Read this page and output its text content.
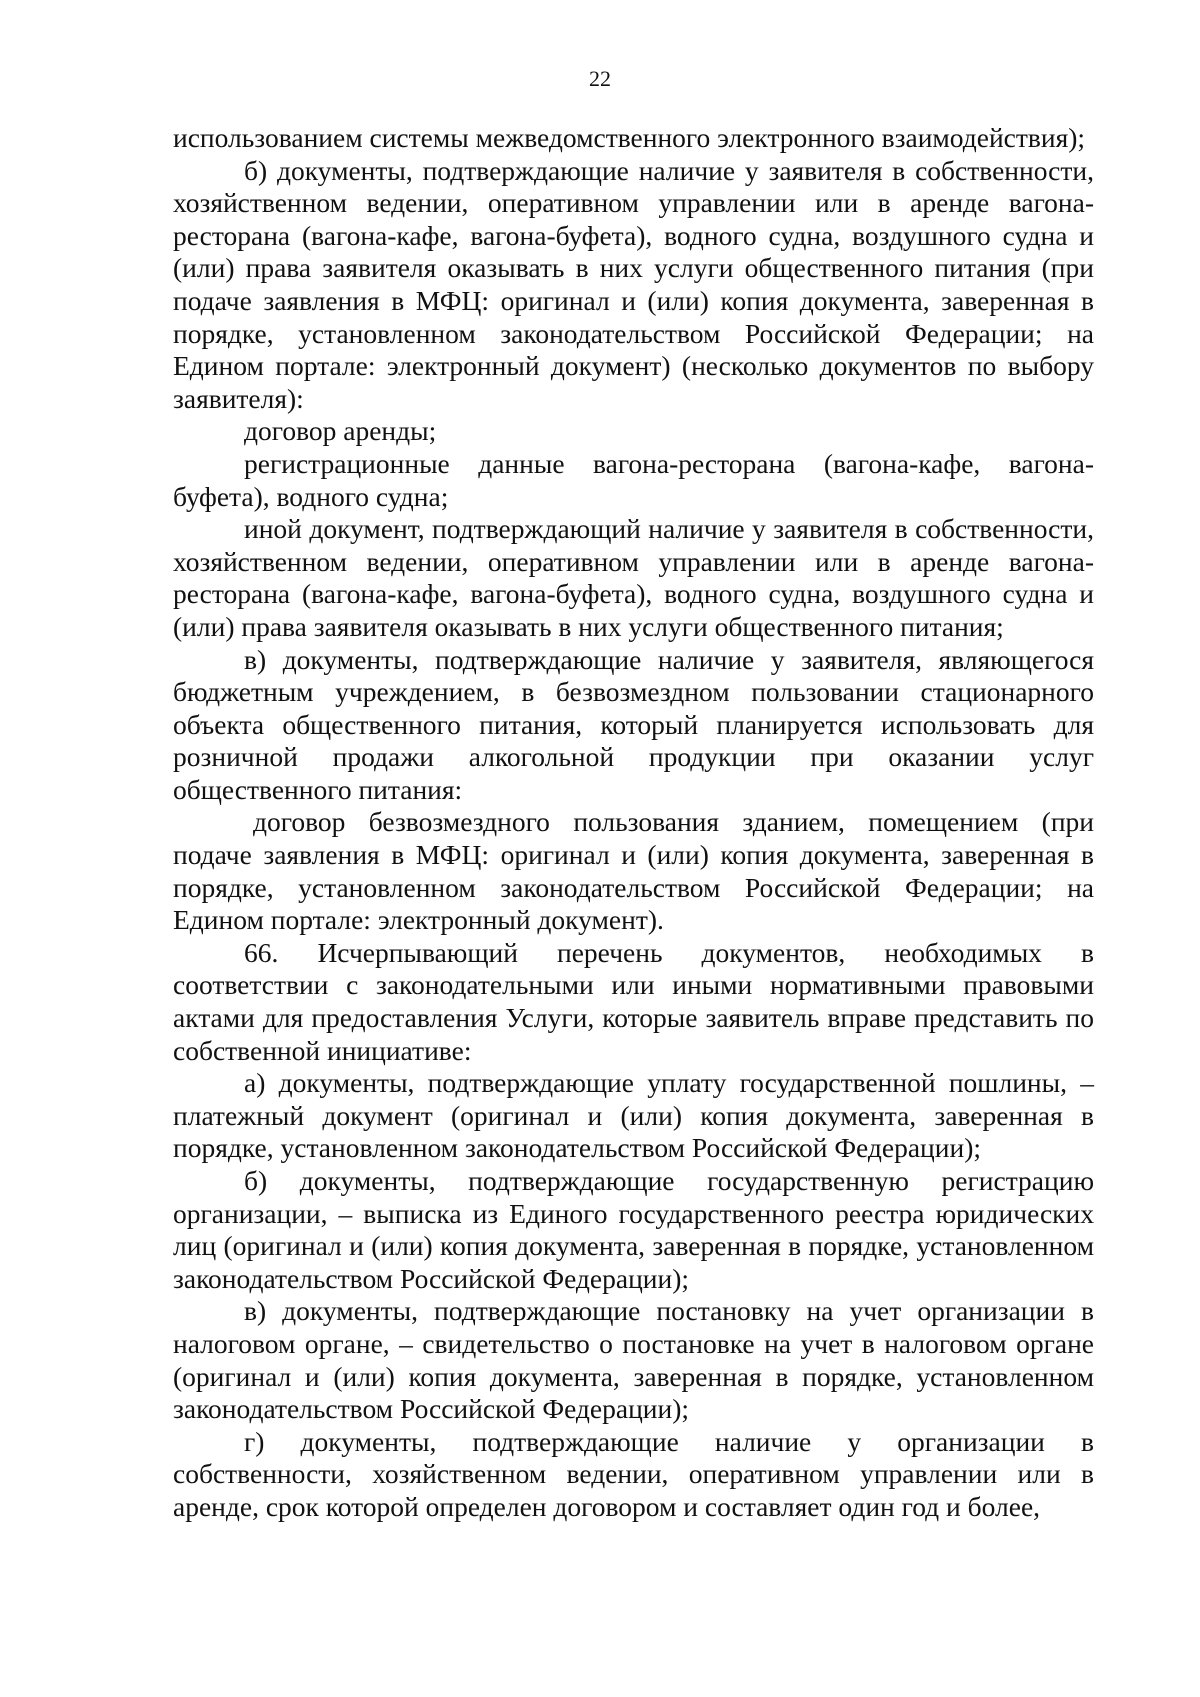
22

использованием системы межведомственного электронного взаимодействия);

б) документы, подтверждающие наличие у заявителя в собственности, хозяйственном ведении, оперативном управлении или в аренде вагона-ресторана (вагона-кафе, вагона-буфета), водного судна, воздушного судна и (или) права заявителя оказывать в них услуги общественного питания (при подаче заявления в МФЦ: оригинал и (или) копия документа, заверенная в порядке, установленном законодательством Российской Федерации; на Едином портале: электронный документ) (несколько документов по выбору заявителя):

договор аренды;

регистрационные данные вагона-ресторана (вагона-кафе, вагона-буфета), водного судна;

иной документ, подтверждающий наличие у заявителя в собственности, хозяйственном ведении, оперативном управлении или в аренде вагона-ресторана (вагона-кафе, вагона-буфета), водного судна, воздушного судна и (или) права заявителя оказывать в них услуги общественного питания;

в) документы, подтверждающие наличие у заявителя, являющегося бюджетным учреждением, в безвозмездном пользовании стационарного объекта общественного питания, который планируется использовать для розничной продажи алкогольной продукции при оказании услуг общественного питания:

договор безвозмездного пользования зданием, помещением (при подаче заявления в МФЦ: оригинал и (или) копия документа, заверенная в порядке, установленном законодательством Российской Федерации; на Едином портале: электронный документ).

66. Исчерпывающий перечень документов, необходимых в соответствии с законодательными или иными нормативными правовыми актами для предоставления Услуги, которые заявитель вправе представить по собственной инициативе:

а) документы, подтверждающие уплату государственной пошлины, – платежный документ (оригинал и (или) копия документа, заверенная в порядке, установленном законодательством Российской Федерации);

б) документы, подтверждающие государственную регистрацию организации, – выписка из Единого государственного реестра юридических лиц (оригинал и (или) копия документа, заверенная в порядке, установленном законодательством Российской Федерации);

в) документы, подтверждающие постановку на учет организации в налоговом органе, – свидетельство о постановке на учет в налоговом органе (оригинал и (или) копия документа, заверенная в порядке, установленном законодательством Российской Федерации);

г) документы, подтверждающие наличие у организации в собственности, хозяйственном ведении, оперативном управлении или в аренде, срок которой определен договором и составляет один год и более,
